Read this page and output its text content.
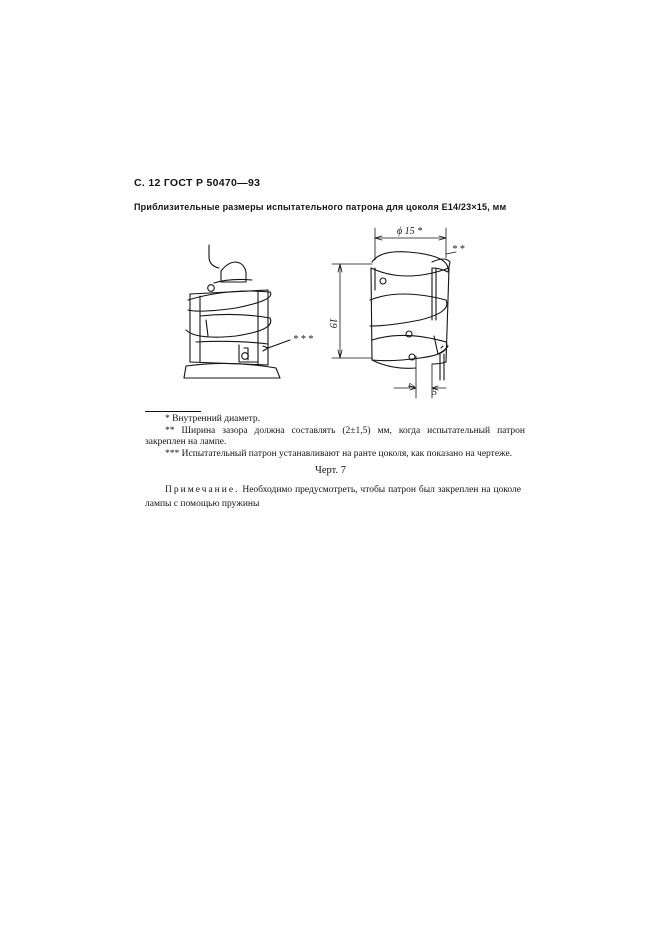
С. 12 ГОСТ Р 50470—93
Приблизительные размеры испытательного патрона для цоколя E14/23×15, мм
ϕ 15 *
* *
* * *
19
4
5
* Внутренний диаметр.
** Ширина зазора должна составлять (2±1,5) мм, когда испытательный патрон закреплен на лампе.
*** Испытательный патрон устанавливают на ранте цоколя, как показано на чертеже.
Черт. 7
Примечание. Необходимо предусмотреть, чтобы патрон был закреплен на цоколе лампы с помощью пружины
